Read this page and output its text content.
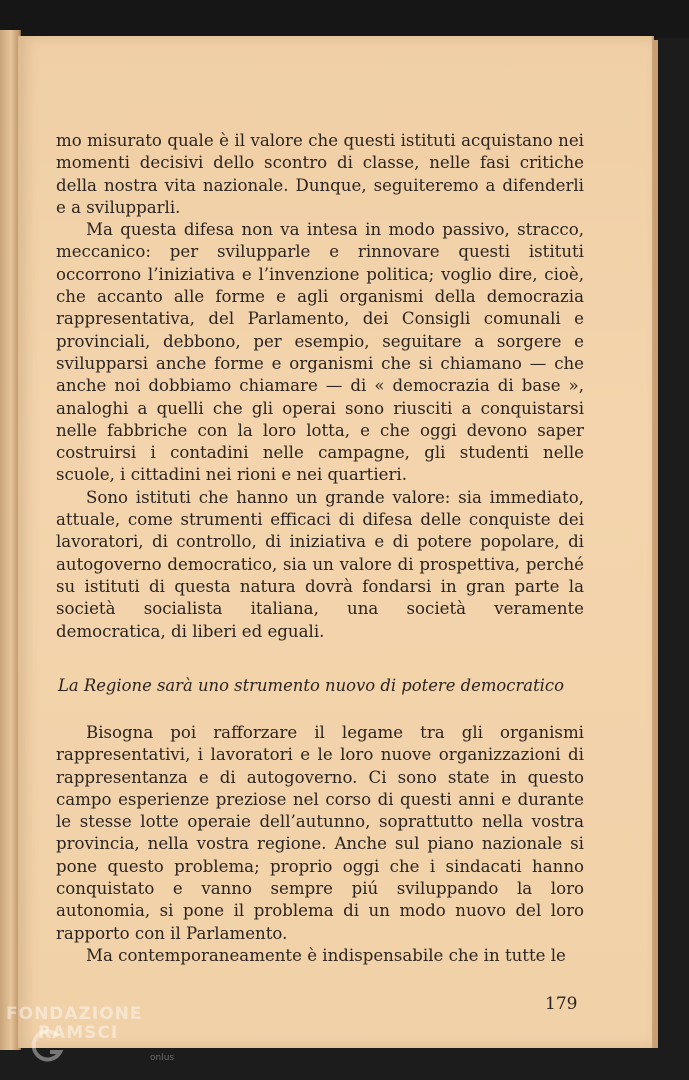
mo misurato quale è il valore che questi istituti acquistano nei momenti decisivi dello scontro di classe, nelle fasi critiche della nostra vita nazionale. Dunque, seguiteremo a difenderli e a svilupparli.

Ma questa difesa non va intesa in modo passivo, stracco, meccanico: per svilupparle e rinnovare questi istituti occorrono l’iniziativa e l’invenzione politica; voglio dire, cioè, che accanto alle forme e agli organismi della democrazia rappresentativa, del Parlamento, dei Consigli comunali e provinciali, debbono, per esempio, seguitare a sorgere e svilupparsi anche forme e organismi che si chiamano — che anche noi dobbiamo chiamare — di « democrazia di base », analoghi a quelli che gli operai sono riusciti a conquistarsi nelle fabbriche con la loro lotta, e che oggi devono saper costruirsi i contadini nelle campagne, gli studenti nelle scuole, i cittadini nei rioni e nei quartieri.

Sono istituti che hanno un grande valore: sia immediato, attuale, come strumenti efficaci di difesa delle conquiste dei lavoratori, di controllo, di iniziativa e di potere popolare, di autogoverno democratico, sia un valore di prospettiva, perché su istituti di questa natura dovrà fondarsi in gran parte la società socialista italiana, una società veramente democratica, di liberi ed eguali.

La Regione sarà uno strumento nuovo di potere democratico

Bisogna poi rafforzare il legame tra gli organismi rappresentativi, i lavoratori e le loro nuove organizzazioni di rappresentanza e di autogoverno. Ci sono state in questo campo esperienze preziose nel corso di questi anni e durante le stesse lotte operaie dell’autunno, soprattutto nella vostra provincia, nella vostra regione. Anche sul piano nazionale si pone questo problema; proprio oggi che i sindacati hanno conquistato e vanno sempre piú sviluppando la loro autonomia, si pone il problema di un modo nuovo del loro rapporto con il Parlamento.

Ma contemporaneamente è indispensabile che in tutte le

179
FONDAZIONE
RAMSCI
onlus
